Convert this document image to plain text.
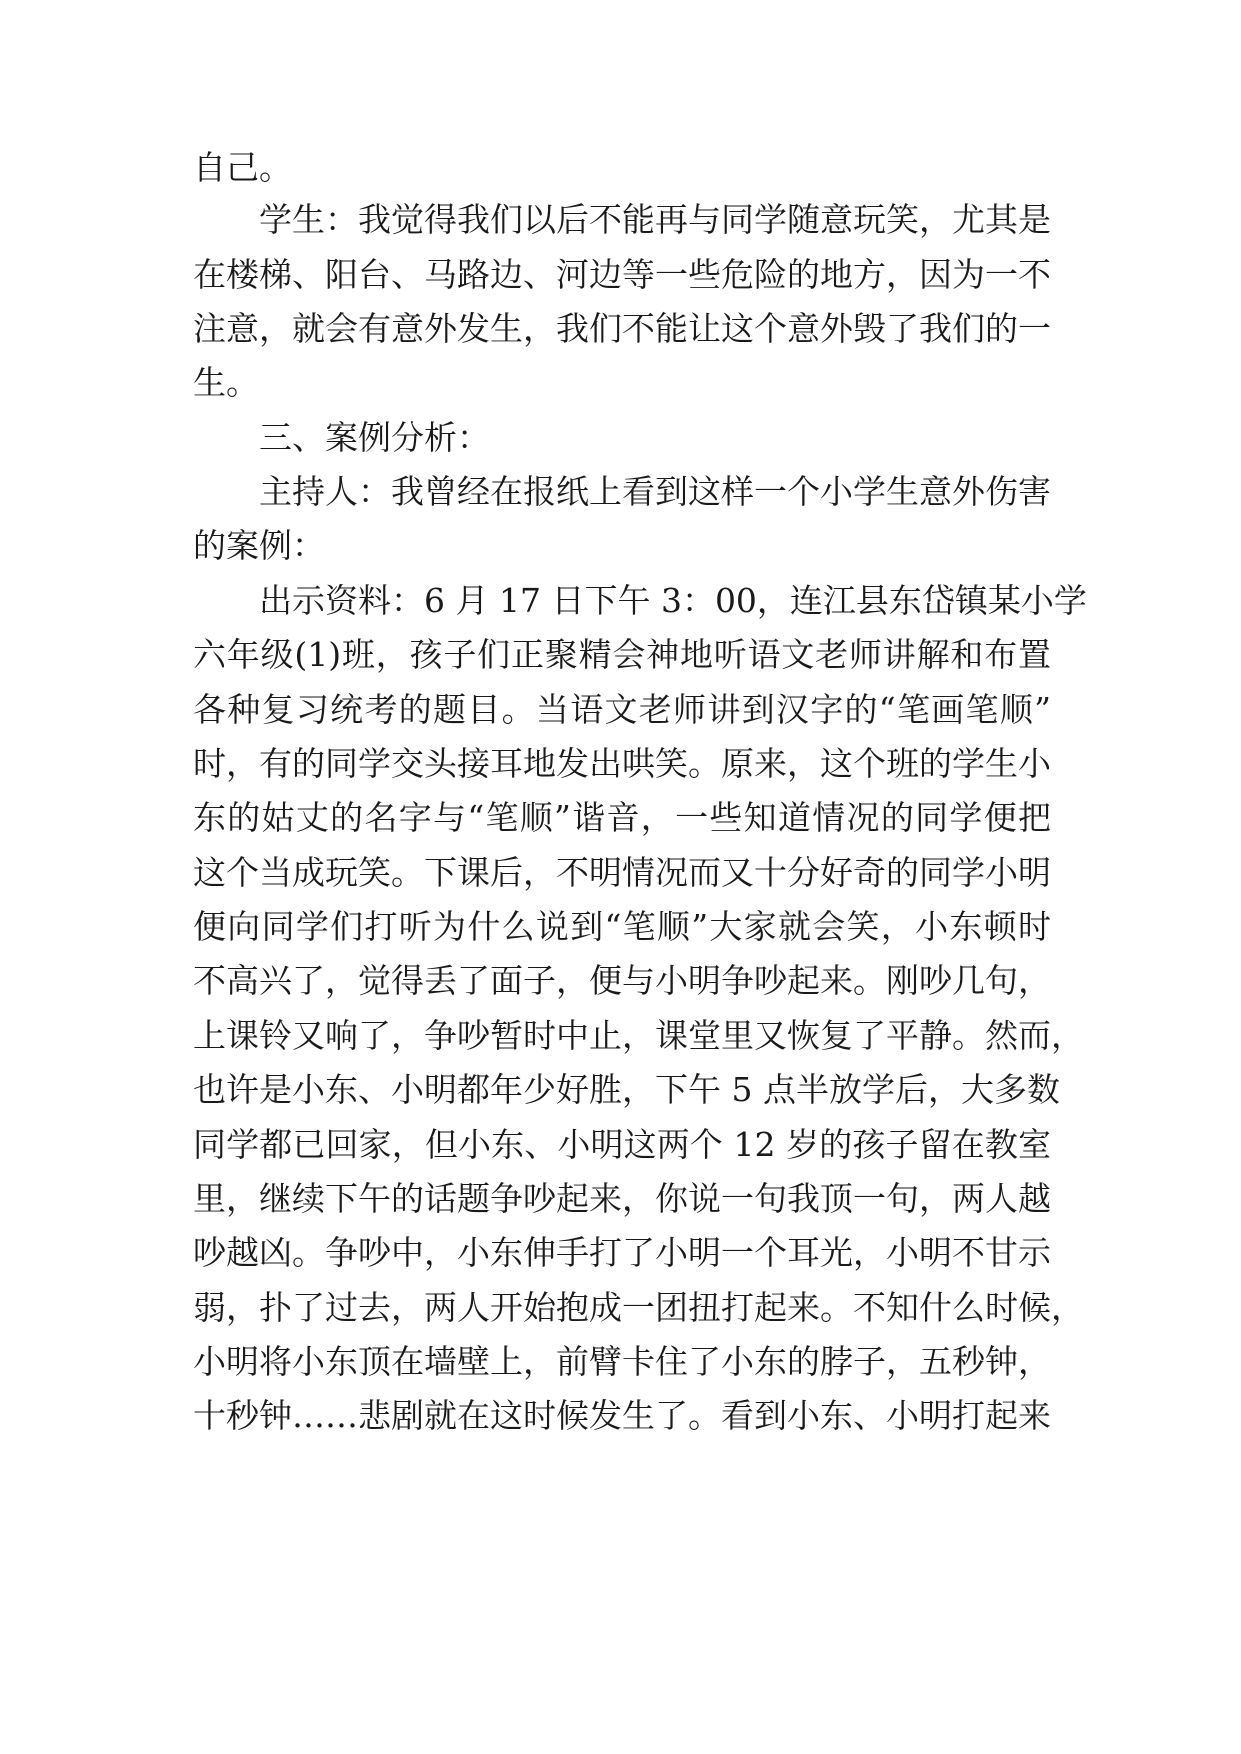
自己。
学生：我觉得我们以后不能再与同学随意玩笑，尤其是
在楼梯、阳台、马路边、河边等一些危险的地方，因为一不
注意，就会有意外发生，我们不能让这个意外毁了我们的一
生。
三、案例分析：
主持人：我曾经在报纸上看到这样一个小学生意外伤害
的案例：
出示资料：6 月 17 日下午 3：00，连江县东岱镇某小学
六年级(1)班，孩子们正聚精会神地听语文老师讲解和布置
各种复习统考的题目。当语文老师讲到汉字的“笔画笔顺”
时，有的同学交头接耳地发出哄笑。原来，这个班的学生小
东的姑丈的名字与“笔顺”谐音，一些知道情况的同学便把
这个当成玩笑。下课后，不明情况而又十分好奇的同学小明
便向同学们打听为什么说到“笔顺”大家就会笑，小东顿时
不高兴了，觉得丢了面子，便与小明争吵起来。刚吵几句，
上课铃又响了，争吵暂时中止，课堂里又恢复了平静。然而，
也许是小东、小明都年少好胜，下午 5 点半放学后，大多数
同学都已回家，但小东、小明这两个 12 岁的孩子留在教室
里，继续下午的话题争吵起来，你说一句我顶一句，两人越
吵越凶。争吵中，小东伸手打了小明一个耳光，小明不甘示
弱，扑了过去，两人开始抱成一团扭打起来。不知什么时候，
小明将小东顶在墙壁上，前臂卡住了小东的脖子，五秒钟，
十秒钟……悲剧就在这时候发生了。看到小东、小明打起来
